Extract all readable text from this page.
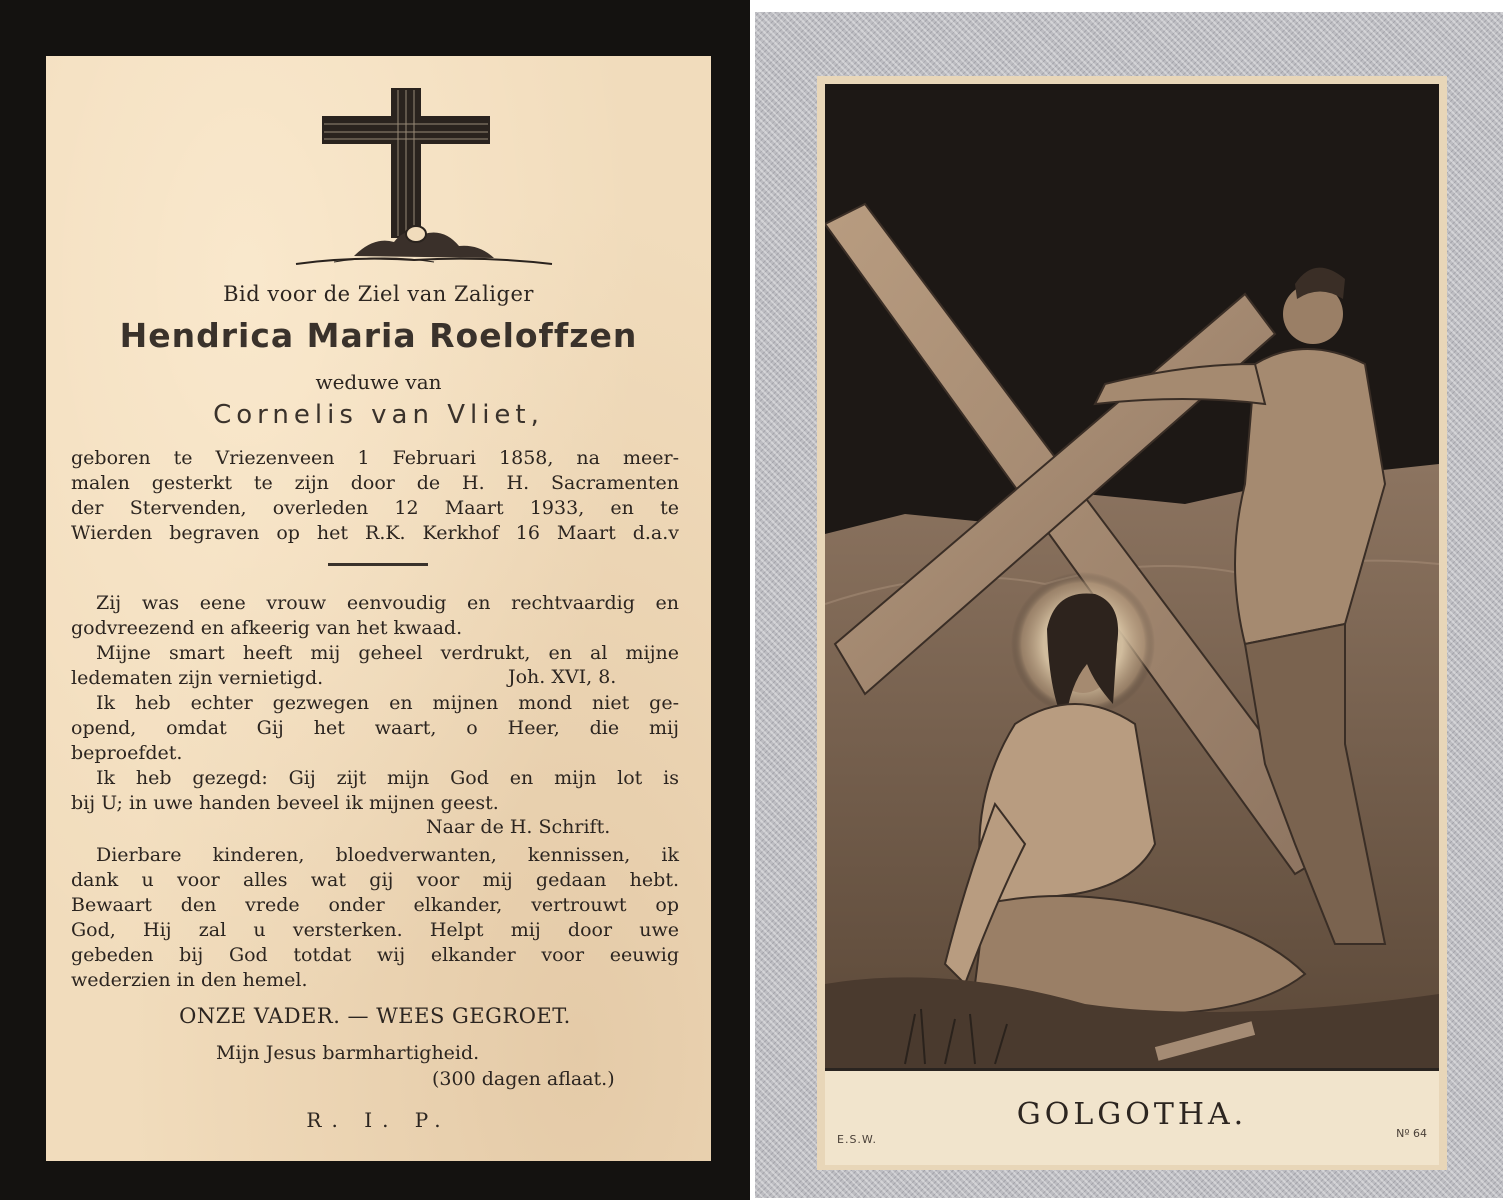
Bid voor de Ziel van Zaliger
Hendrica Maria Roeloffzen
weduwe van
Cornelis van Vliet,
geboren te Vriezenveen 1 Februari 1858, na meer-
malen gesterkt te zijn door de H. H. Sacramenten
der Stervenden, overleden 12 Maart 1933, en te
Wierden begraven op het R.K. Kerkhof 16 Maart d.a.v
Zij was eene vrouw eenvoudig en rechtvaardig en
godvreezend en afkeerig van het kwaad.
Mijne smart heeft mij geheel verdrukt, en al mijne
ledematen zijn vernietigd.	Joh. XVI, 8.
Ik heb echter gezwegen en mijnen mond niet ge-
opend, omdat Gij het waart, o Heer, die mij
beproefdet.
Ik heb gezegd: Gij zijt mijn God en mijn lot is
bij U; in uwe handen beveel ik mijnen geest.
Naar de H. Schrift.
Dierbare kinderen, bloedverwanten, kennissen, ik
dank u voor alles wat gij voor mij gedaan hebt.
Bewaart den vrede onder elkander, vertrouwt op
God, Hij zal u versterken. Helpt mij door uwe
gebeden bij God totdat wij elkander voor eeuwig
wederzien in den hemel.
ONZE VADER. — WEES GEGROET.
Mijn Jesus barmhartigheid.
(300 dagen aflaat.)
R. I. P.
E.S.W.
GOLGOTHA.
Nº 64
